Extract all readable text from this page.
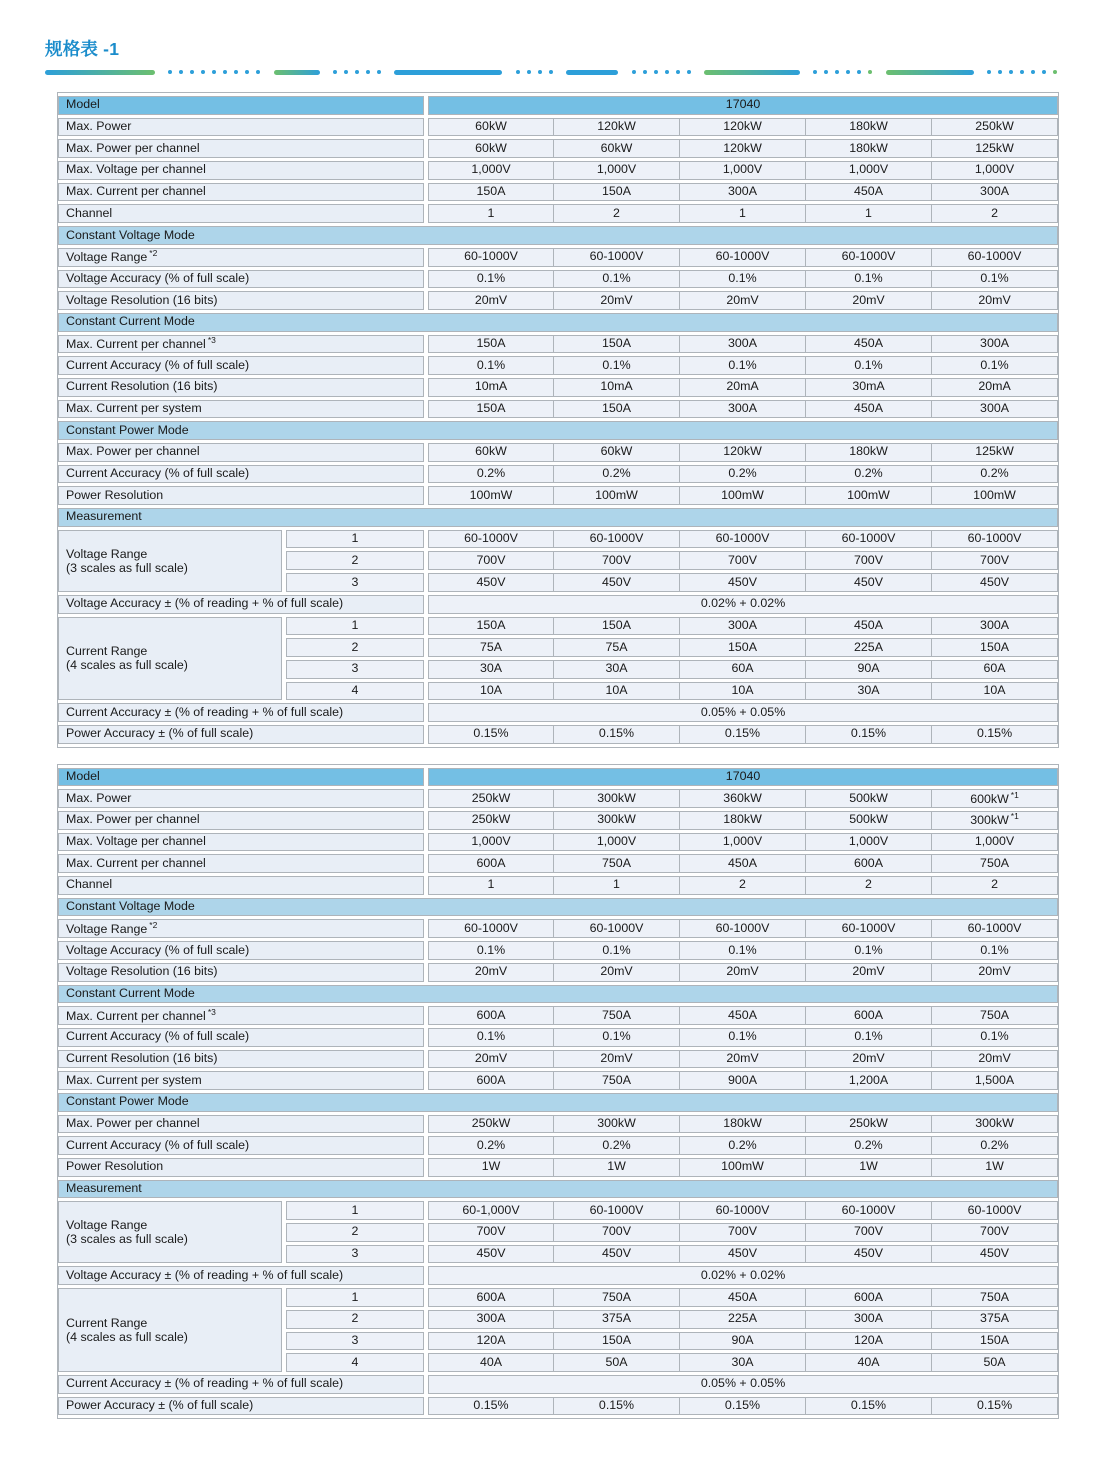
规格表 -1
Model				17040				
Max. Power				60kW	120kW	120kW	180kW	250kW
Max. Power per channel				60kW	60kW	120kW	180kW	125kW
Max. Voltage per channel				1,000V	1,000V	1,000V	1,000V	1,000V
Max. Current per channel				150A	150A	300A	450A	300A
Channel				1	2	1	1	2
Constant Voltage Mode								
Voltage Range $^{*2}$				60-1000V	60-1000V	60-1000V	60-1000V	60-1000V
Voltage Accuracy (% of full scale)				0.1%	0.1%	0.1%	0.1%	0.1%
Voltage Resolution (16 bits)				20mV	20mV	20mV	20mV	20mV
Constant Current Mode								
Max. Current per channel $^{*3}$				150A	150A	300A	450A	300A
Current Accuracy (% of full scale)				0.1%	0.1%	0.1%	0.1%	0.1%
Current Resolution (16 bits)				10mA	10mA	20mA	30mA	20mA
Max. Current per system				150A	150A	300A	450A	300A
Constant Power Mode								
Max. Power per channel				60kW	60kW	120kW	180kW	125kW
Current Accuracy (% of full scale)				0.2%	0.2%	0.2%	0.2%	0.2%
Power Resolution				100mW	100mW	100mW	100mW	100mW
Measurement								
Voltage Range
(3 scales as full scale)		1		60-1000V	60-1000V	60-1000V	60-1000V	60-1000V
		2		700V	700V	700V	700V	700V
		3		450V	450V	450V	450V	450V
Voltage Accuracy ± (% of reading + % of full scale)				0.02% + 0.02%				
Current Range
(4 scales as full scale)		1		150A	150A	300A	450A	300A
		2		75A	75A	150A	225A	150A
		3		30A	30A	60A	90A	60A
		4		10A	10A	10A	30A	10A
Current Accuracy ± (% of reading + % of full scale)				0.05% + 0.05%				
Power Accuracy ± (% of full scale)				0.15%	0.15%	0.15%	0.15%	0.15%
Model				17040				
Max. Power				250kW	300kW	360kW	500kW	600kW $^{*1}$
Max. Power per channel				250kW	300kW	180kW	500kW	300kW $^{*1}$
Max. Voltage per channel				1,000V	1,000V	1,000V	1,000V	1,000V
Max. Current per channel				600A	750A	450A	600A	750A
Channel				1	1	2	2	2
Constant Voltage Mode								
Voltage Range $^{*2}$				60-1000V	60-1000V	60-1000V	60-1000V	60-1000V
Voltage Accuracy (% of full scale)				0.1%	0.1%	0.1%	0.1%	0.1%
Voltage Resolution (16 bits)				20mV	20mV	20mV	20mV	20mV
Constant Current Mode								
Max. Current per channel $^{*3}$				600A	750A	450A	600A	750A
Current Accuracy (% of full scale)				0.1%	0.1%	0.1%	0.1%	0.1%
Current Resolution (16 bits)				20mV	20mV	20mV	20mV	20mV
Max. Current per system				600A	750A	900A	1,200A	1,500A
Constant Power Mode								
Max. Power per channel				250kW	300kW	180kW	250kW	300kW
Current Accuracy (% of full scale)				0.2%	0.2%	0.2%	0.2%	0.2%
Power Resolution				1W	1W	100mW	1W	1W
Measurement								
Voltage Range
(3 scales as full scale)		1		60-1,000V	60-1000V	60-1000V	60-1000V	60-1000V
		2		700V	700V	700V	700V	700V
		3		450V	450V	450V	450V	450V
Voltage Accuracy ± (% of reading + % of full scale)				0.02% + 0.02%				
Current Range
(4 scales as full scale)		1		600A	750A	450A	600A	750A
		2		300A	375A	225A	300A	375A
		3		120A	150A	90A	120A	150A
		4		40A	50A	30A	40A	50A
Current Accuracy ± (% of reading + % of full scale)				0.05% + 0.05%				
Power Accuracy ± (% of full scale)				0.15%	0.15%	0.15%	0.15%	0.15%
